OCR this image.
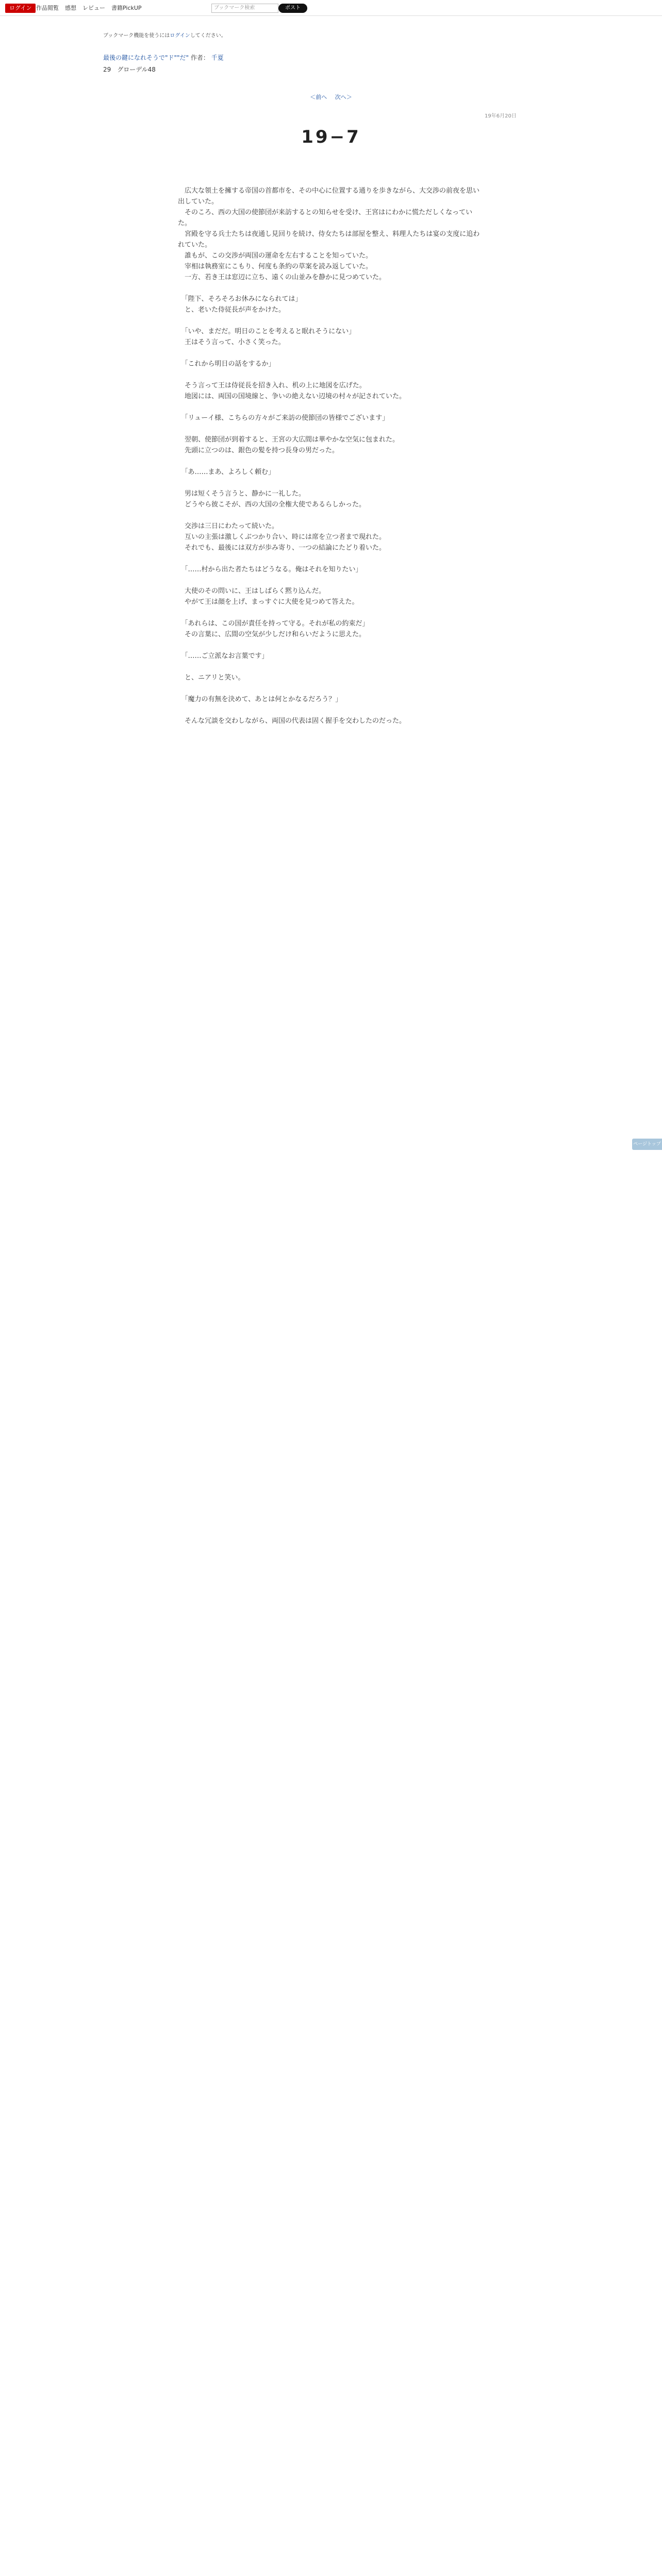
ログイン 作品閲覧 感想 レビュー 書籍PickUP	ブックマーク検索	ポスト
ブックマーク機能を使うにはログインしてください。
最後の鍵になれそうで"ド""だ" 作者： 千夏
29　グローデル48
＜前へ 次へ＞
19年6月20日
19−7

　広大な領土を擁する帝国の首都市を、その中心に位置する通りを歩きながら、大交渉の前夜を思い出していた。

　そのころ、西の大国の使節団が来訪するとの知らせを受け、王宮はにわかに慌ただしくなっていた。

　宮殿を守る兵士たちは夜通し見回りを続け、侍女たちは部屋を整え、料理人たちは宴の支度に追われていた。

　誰もが、この交渉が両国の運命を左右することを知っていた。

　宰相は執務室にこもり、何度も条約の草案を読み返していた。

　一方、若き王は窓辺に立ち、遠くの山並みを静かに見つめていた。

　「陛下、そろそろお休みになられては」

　と、老いた侍従長が声をかけた。

　「いや、まだだ。明日のことを考えると眠れそうにない」

　王はそう言って、小さく笑った。

　「これから明日の話をするか」

　そう言って王は侍従長を招き入れ、机の上に地図を広げた。

　地図には、両国の国境線と、争いの絶えない辺境の村々が記されていた。

　「リューイ様、こちらの方々がご来訪の使節団の皆様でございます」

　翌朝、使節団が到着すると、王宮の大広間は華やかな空気に包まれた。

　先頭に立つのは、銀色の髪を持つ長身の男だった。

　「あ……まあ、よろしく頼む」

　男は短くそう言うと、静かに一礼した。

　どうやら彼こそが、西の大国の全権大使であるらしかった。

　交渉は三日にわたって続いた。

　互いの主張は激しくぶつかり合い、時には席を立つ者まで現れた。

　それでも、最後には双方が歩み寄り、一つの結論にたどり着いた。

　「……村から出た者たちはどうなる。俺はそれを知りたい」

　大使のその問いに、王はしばらく黙り込んだ。

　やがて王は顔を上げ、まっすぐに大使を見つめて答えた。

　「あれらは、この国が責任を持って守る。それが私の約束だ」

　その言葉に、広間の空気が少しだけ和らいだように思えた。

　「……ご立派なお言葉です」

　と、ニアリと笑い。

　「魔力の有無を決めて、あとは何とかなるだろう？」

　そんな冗談を交わしながら、両国の代表は固く握手を交わしたのだった。

ページトップへ
